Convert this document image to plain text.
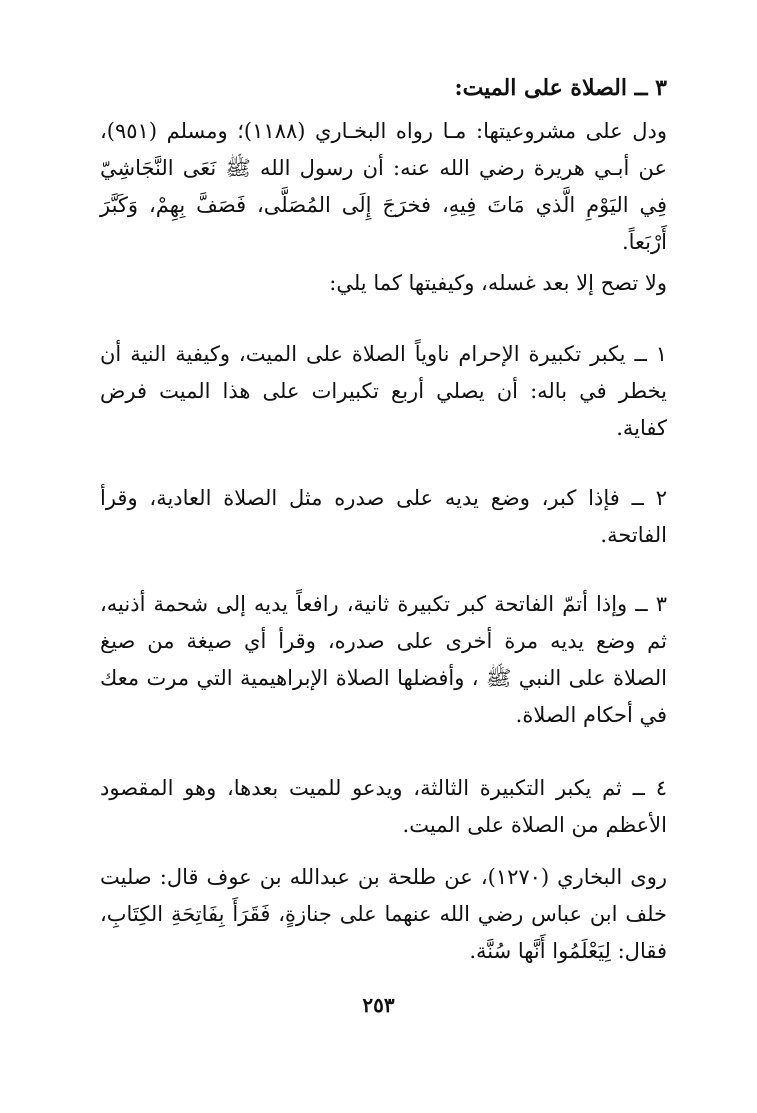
٣ ــ الصلاة على الميت:

ودل على مشروعيتها: مـا رواه البخـاري (١١٨٨)؛ ومسلم (٩٥١)، عن أبـي هريرة رضي الله عنه: أن رسول الله ﷺ نَعَى النَّجَاشِيّ فِي اليَوْمِ الَّذي مَاتَ فِيهِ، فخرَجَ إِلَى المُصَلَّى، فَصَفَّ بِهِمْ، وَكَبَّرَ أَرْبَعاً.

ولا تصح إلا بعد غسله، وكيفيتها كما يلي:

١ ــ يكبر تكبيرة الإحرام ناوياً الصلاة على الميت، وكيفية النية أن يخطر في باله: أن يصلي أربع تكبيرات على هذا الميت فرض كفاية.

٢ ــ فإذا كبر، وضع يديه على صدره مثل الصلاة العادية، وقرأ الفاتحة.

٣ ــ وإذا أتمّ الفاتحة كبر تكبيرة ثانية، رافعاً يديه إلى شحمة أذنيه، ثم وضع يديه مرة أخرى على صدره، وقرأ أي صيغة من صيغ الصلاة على النبي ﷺ ، وأفضلها الصلاة الإبراهيمية التي مرت معك في أحكام الصلاة.

٤ ــ ثم يكبر التكبيرة الثالثة، ويدعو للميت بعدها، وهو المقصود الأعظم من الصلاة على الميت.

روى البخاري (١٢٧٠)، عن طلحة بن عبدالله بن عوف قال: صليت خلف ابن عباس رضي الله عنهما على جنازةٍ، فَقَرَأَ بِفَاتِحَةِ الكِتَابِ، فقال: لِيَعْلَمُوا أَنَّها سُنَّة.

٢٥٣
